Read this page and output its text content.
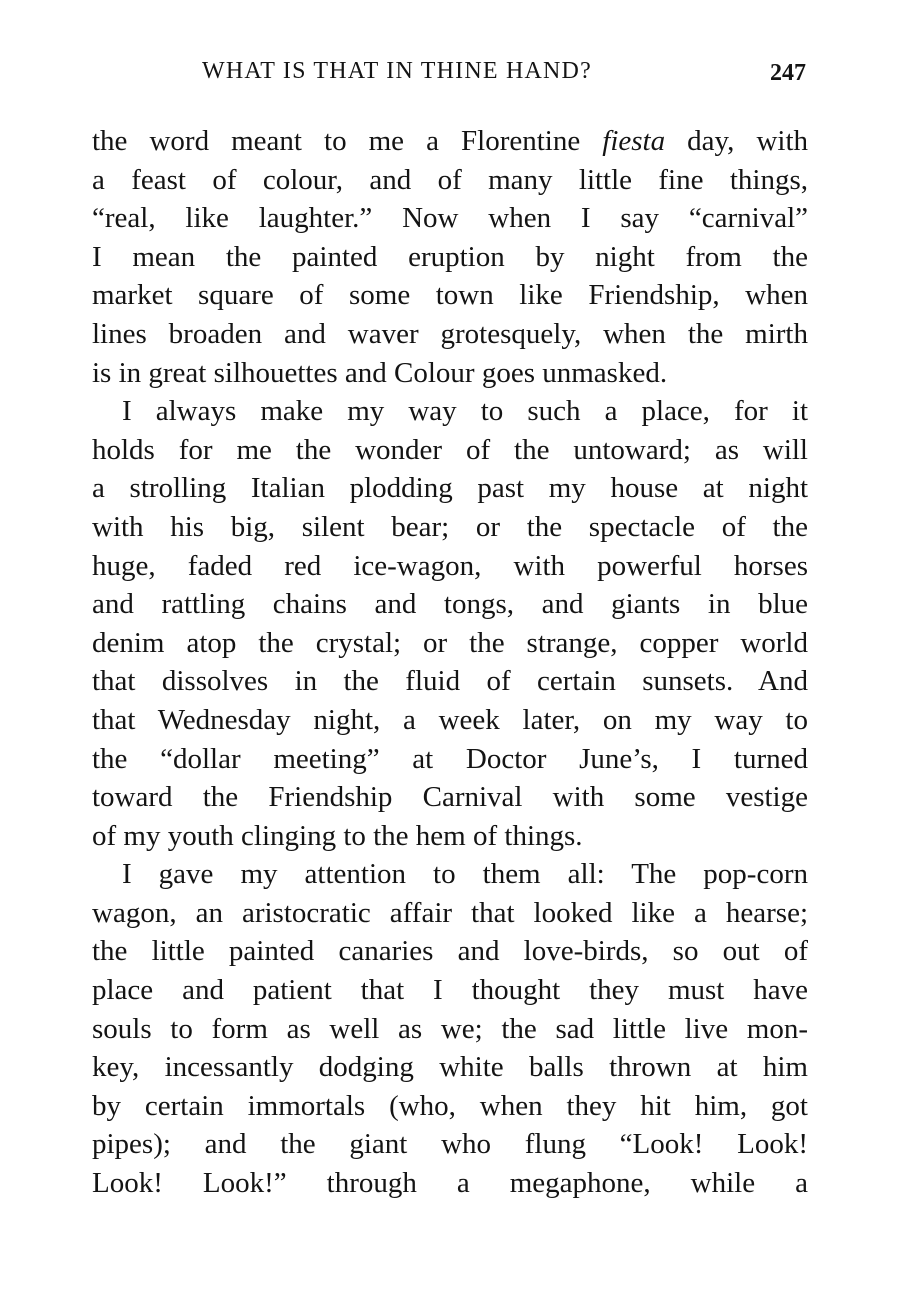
WHAT IS THAT IN THINE HAND?	247
the word meant to me a Florentine fiesta day, with
a feast of colour, and of many little fine things,
“real, like laughter.” Now when I say “carnival”
I mean the painted eruption by night from the
market square of some town like Friendship, when
lines broaden and waver grotesquely, when the mirth
is in great silhouettes and Colour goes unmasked.
I always make my way to such a place, for it
holds for me the wonder of the untoward; as will
a strolling Italian plodding past my house at night
with his big, silent bear; or the spectacle of the
huge, faded red ice-wagon, with powerful horses
and rattling chains and tongs, and giants in blue
denim atop the crystal; or the strange, copper world
that dissolves in the fluid of certain sunsets. And
that Wednesday night, a week later, on my way to
the “dollar meeting” at Doctor June’s, I turned
toward the Friendship Carnival with some vestige
of my youth clinging to the hem of things.
I gave my attention to them all: The pop-corn
wagon, an aristocratic affair that looked like a hearse;
the little painted canaries and love-birds, so out of
place and patient that I thought they must have
souls to form as well as we; the sad little live mon-
key, incessantly dodging white balls thrown at him
by certain immortals (who, when they hit him, got
pipes); and the giant who flung “Look! Look!
Look! Look!” through a megaphone, while a
